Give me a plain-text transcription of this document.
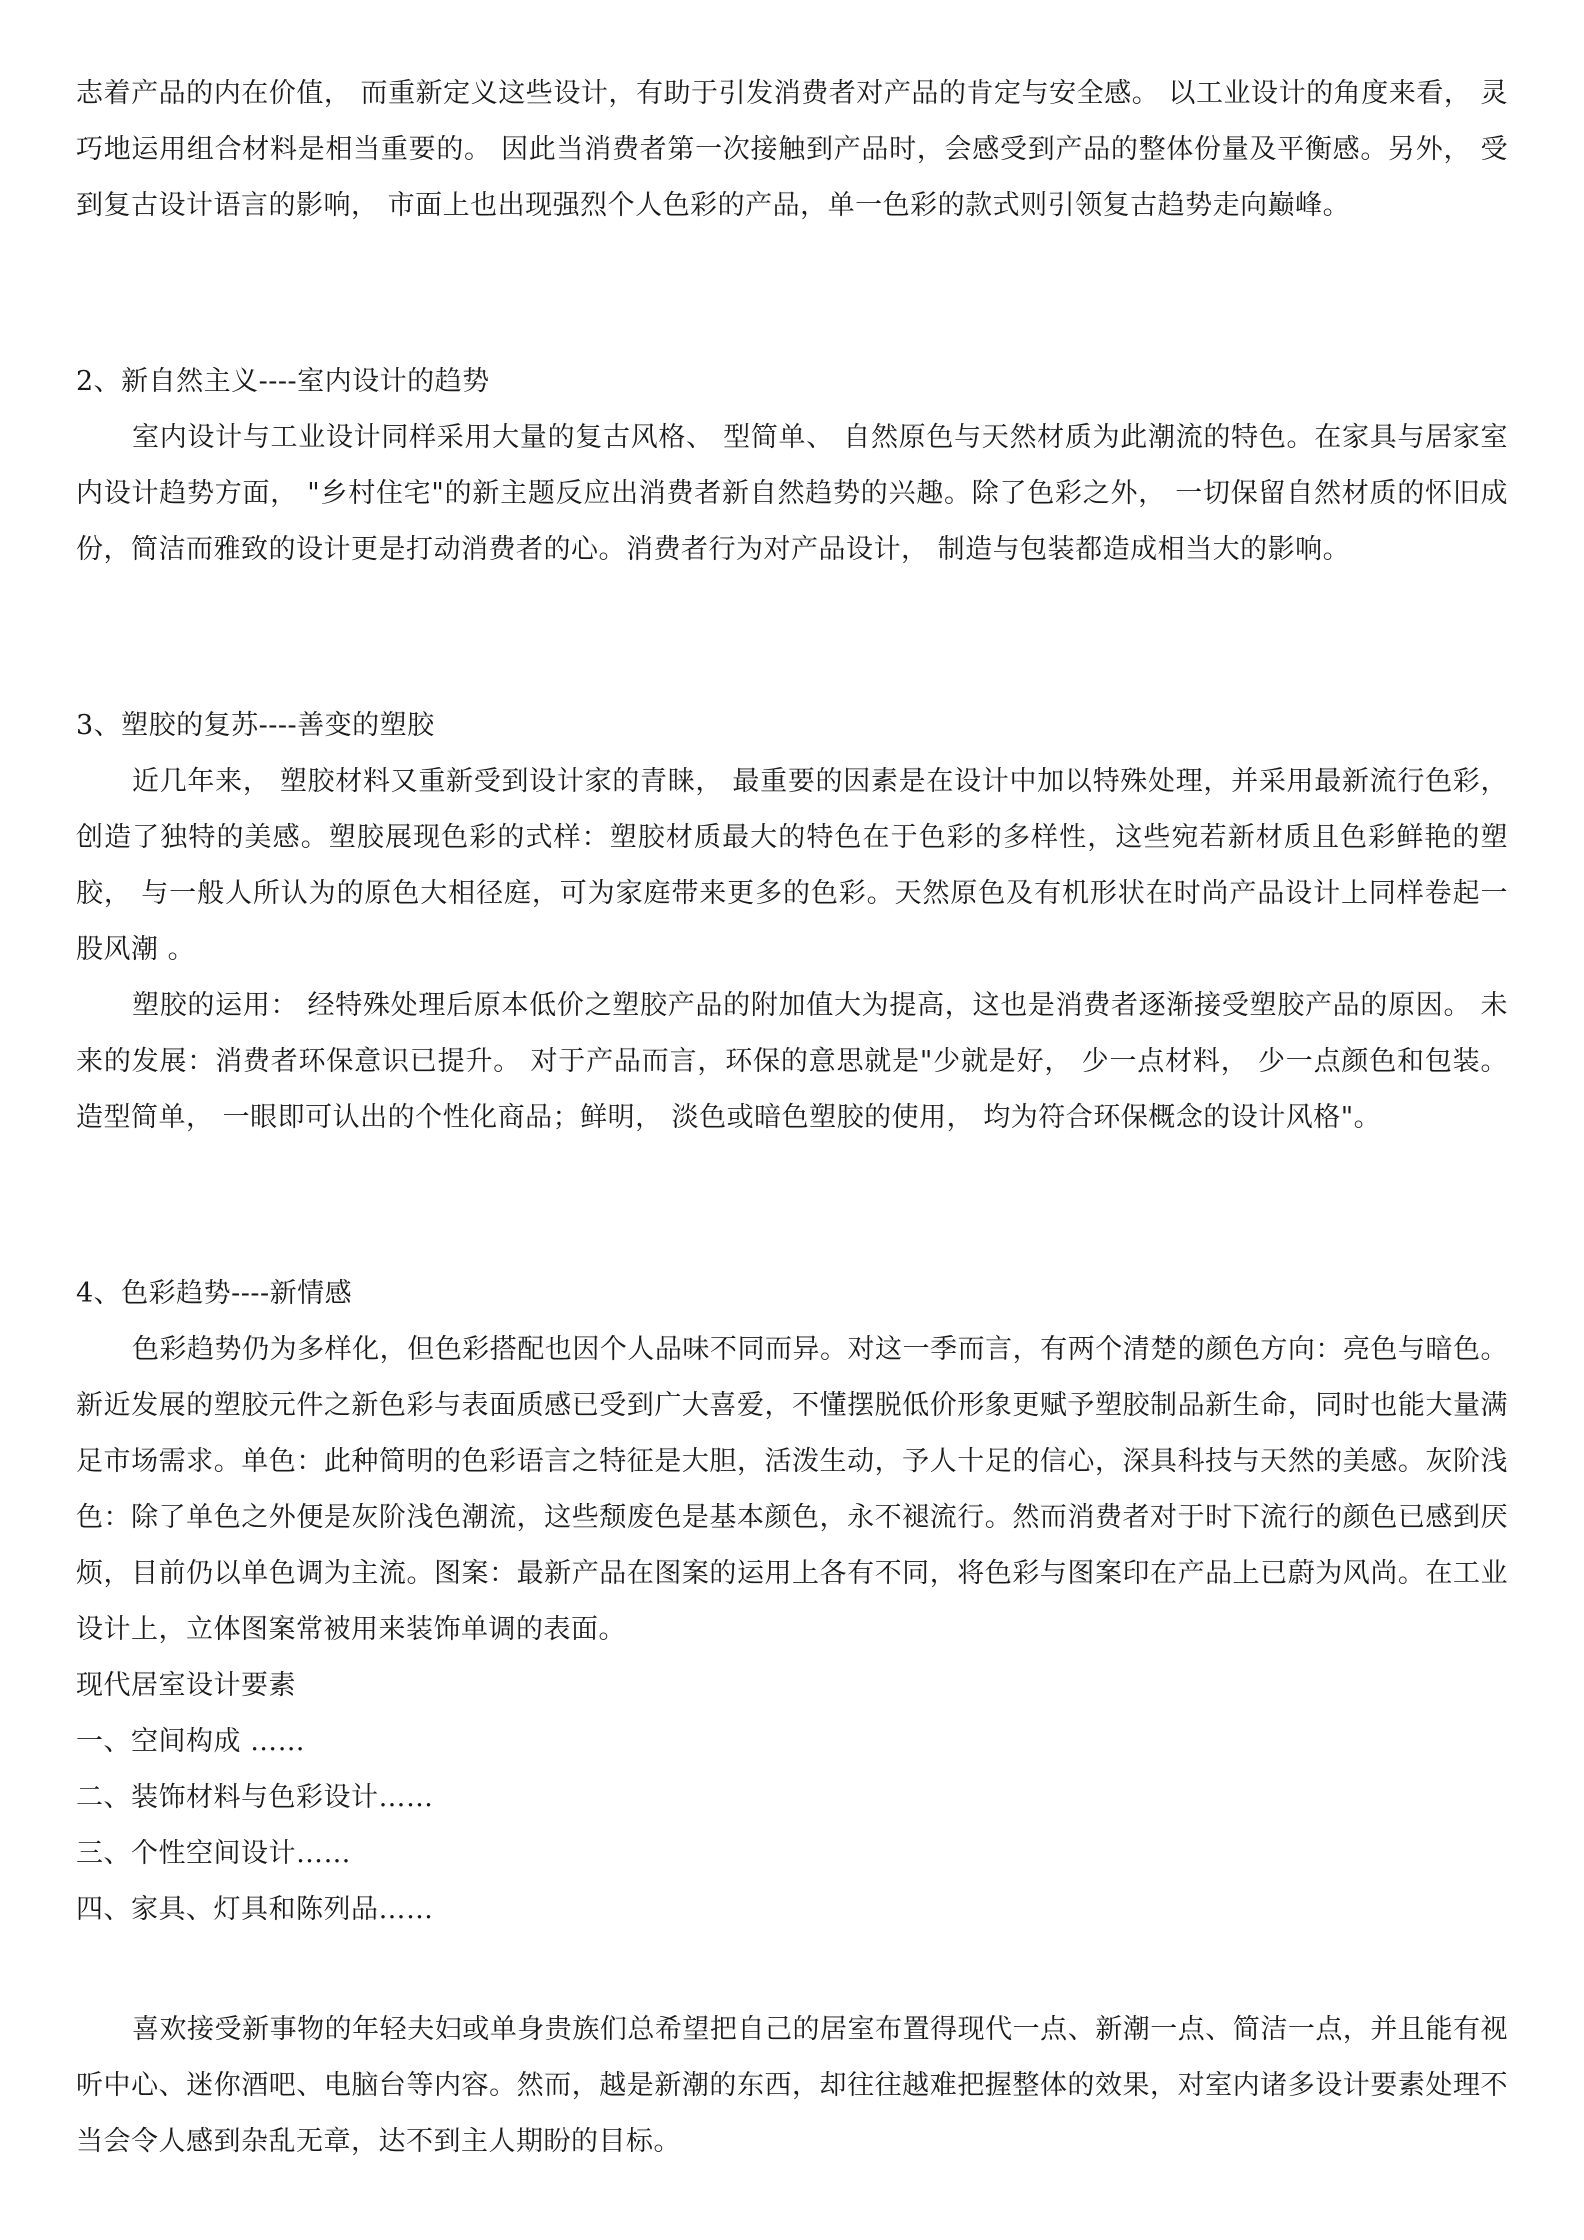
志着产品的内在价值， 而重新定义这些设计，有助于引发消费者对产品的肯定与安全感。 以工业设计的角度来看， 灵巧地运用组合材料是相当重要的。 因此当消费者第一次接触到产品时，会感受到产品的整体份量及平衡感。另外， 受到复古设计语言的影响， 市面上也出现强烈个人色彩的产品，单一色彩的款式则引领复古趋势走向巅峰。

2、新自然主义----室内设计的趋势

室内设计与工业设计同样采用大量的复古风格、 型简单、 自然原色与天然材质为此潮流的特色。在家具与居家室内设计趋势方面， "乡村住宅"的新主题反应出消费者新自然趋势的兴趣。除了色彩之外， 一切保留自然材质的怀旧成份，简洁而雅致的设计更是打动消费者的心。消费者行为对产品设计， 制造与包装都造成相当大的影响。

3、塑胶的复苏----善变的塑胶

近几年来， 塑胶材料又重新受到设计家的青睐， 最重要的因素是在设计中加以特殊处理，并采用最新流行色彩，创造了独特的美感。塑胶展现色彩的式样：塑胶材质最大的特色在于色彩的多样性，这些宛若新材质且色彩鲜艳的塑胶， 与一般人所认为的原色大相径庭，可为家庭带来更多的色彩。天然原色及有机形状在时尚产品设计上同样卷起一股风潮 。

塑胶的运用： 经特殊处理后原本低价之塑胶产品的附加值大为提高，这也是消费者逐渐接受塑胶产品的原因。 未来的发展：消费者环保意识已提升。 对于产品而言，环保的意思就是"少就是好， 少一点材料， 少一点颜色和包装。 造型简单， 一眼即可认出的个性化商品；鲜明， 淡色或暗色塑胶的使用， 均为符合环保概念的设计风格"。

4、色彩趋势----新情感

色彩趋势仍为多样化，但色彩搭配也因个人品味不同而异。对这一季而言，有两个清楚的颜色方向：亮色与暗色。新近发展的塑胶元件之新色彩与表面质感已受到广大喜爱，不懂摆脱低价形象更赋予塑胶制品新生命，同时也能大量满足市场需求。单色：此种简明的色彩语言之特征是大胆，活泼生动，予人十足的信心，深具科技与天然的美感。灰阶浅色：除了单色之外便是灰阶浅色潮流，这些颓废色是基本颜色，永不褪流行。然而消费者对于时下流行的颜色已感到厌烦，目前仍以单色调为主流。图案：最新产品在图案的运用上各有不同，将色彩与图案印在产品上已蔚为风尚。在工业设计上，立体图案常被用来装饰单调的表面。

现代居室设计要素

一、空间构成 ……

二、装饰材料与色彩设计……

三、个性空间设计……

四、家具、灯具和陈列品……

喜欢接受新事物的年轻夫妇或单身贵族们总希望把自己的居室布置得现代一点、新潮一点、简洁一点，并且能有视听中心、迷你酒吧、电脑台等内容。然而，越是新潮的东西，却往往越难把握整体的效果，对室内诸多设计要素处理不当会令人感到杂乱无章，达不到主人期盼的目标。
